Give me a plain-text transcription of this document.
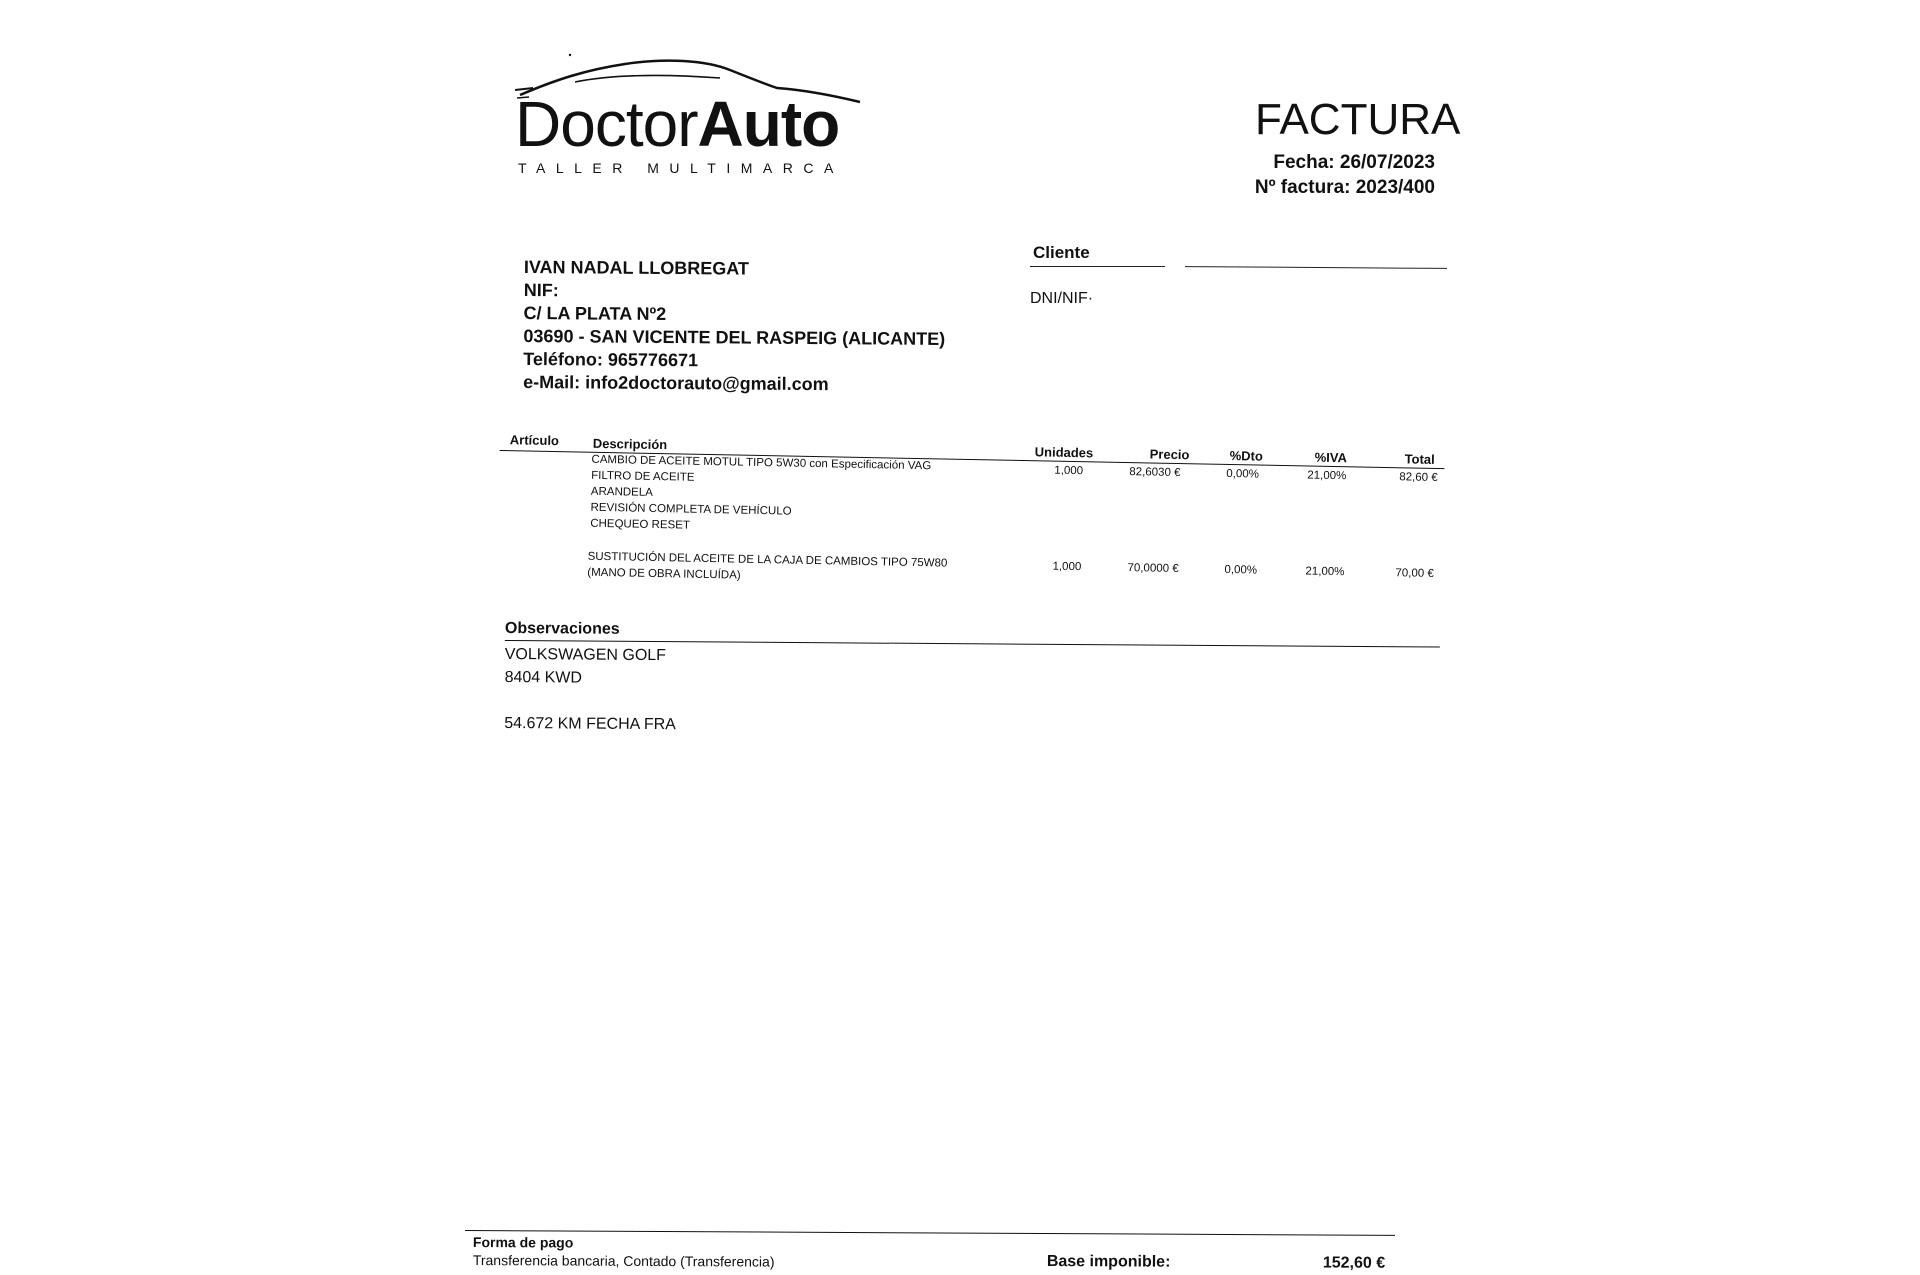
DoctorAuto
TALLER MULTIMARCA
FACTURA
Fecha: 26/07/2023
Nº factura: 2023/400
IVAN NADAL LLOBREGAT
NIF:
C/ LA PLATA Nº2
03690 - SAN VICENTE DEL RASPEIG (ALICANTE)
Teléfono: 965776671
e-Mail: info2doctorauto@gmail.com
Cliente
DNI/NIF·
Artículo	Descripción
Unidades	Precio	%Dto	%IVA	Total
CAMBIO DE ACEITE MOTUL TIPO 5W30 con Especificación VAG
FILTRO DE ACEITE
ARANDELA
REVISIÓN COMPLETA DE VEHÍCULO
CHEQUEO RESET
1,000	82,6030 €	0,00%	21,00%	82,60 €
SUSTITUCIÓN DEL ACEITE DE LA CAJA DE CAMBIOS TIPO 75W80
(MANO DE OBRA INCLUÍDA)	1,000	70,0000 €	0,00%	21,00%	70,00 €
Observaciones
VOLKSWAGEN GOLF
8404 KWD
54.672 KM FECHA FRA
Forma de pago
Transferencia bancaria, Contado (Transferencia)	Base imponible:	152,60 €
